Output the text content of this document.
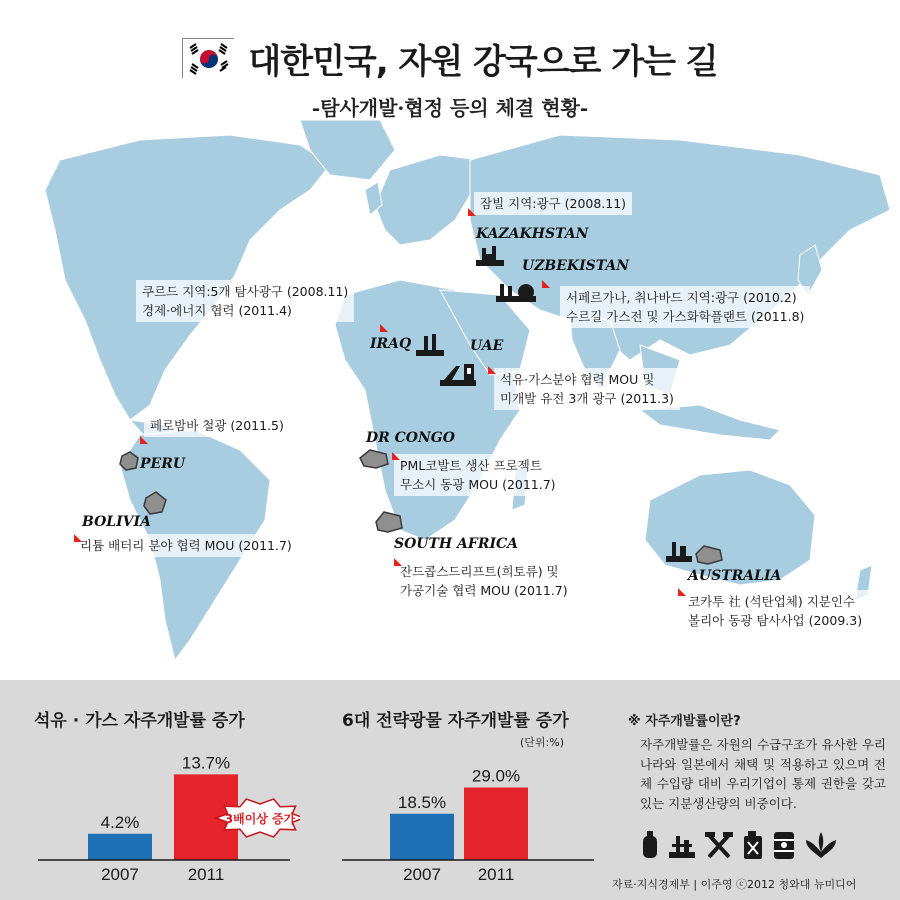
대한민국, 자원 강국으로 가는 길
-탐사개발·협정 등의 체결 현황-
KAZAKHSTAN
UZBEKISTAN
IRAQ	UAE
DR CONGO
PERU
BOLIVIA
SOUTH AFRICA
AUSTRALIA
잠빌 지역:광구 (2008.11)
쿠르드 지역:5개 탐사광구 (2008.11)
경제·에너지 협력 (2011.4)
서페르가나, 취나바드 지역:광구 (2010.2)
수르길 가스전 및 가스화학플랜트 (2011.8)
석유·가스분야 협력 MOU 및
미개발 유전 3개 광구 (2011.3)
페로밤바 철광 (2011.5)
PML코발트 생산 프로젝트
무소시 동광 MOU (2011.7)
리튬 배터리 분야 협력 MOU (2011.7)
잔드콥스드리프트(희토류) 및
가공기술 협력 MOU (2011.7)
코카투 社 (석탄업체) 지분인수
볼리아 동광 탐사사업 (2009.3)
석유 · 가스 자주개발률 증가
4.2%
2007
13.7%
2011
3배이상 증가
6대 전략광물 자주개발률 증가
(단위:%)
18.5%
2007
29.0%
2011
※ 자주개발률이란?
자주개발률은 자원의 수급구조가 유사한 우리나라와 일본에서 채택 및 적용하고 있으며 전체 수입량 대비 우리기업이 통제 권한을 갖고있는 지분생산량의 비중이다.
자료·지식경제부 | 이주영 ⓒ2012 청와대 뉴미디어
